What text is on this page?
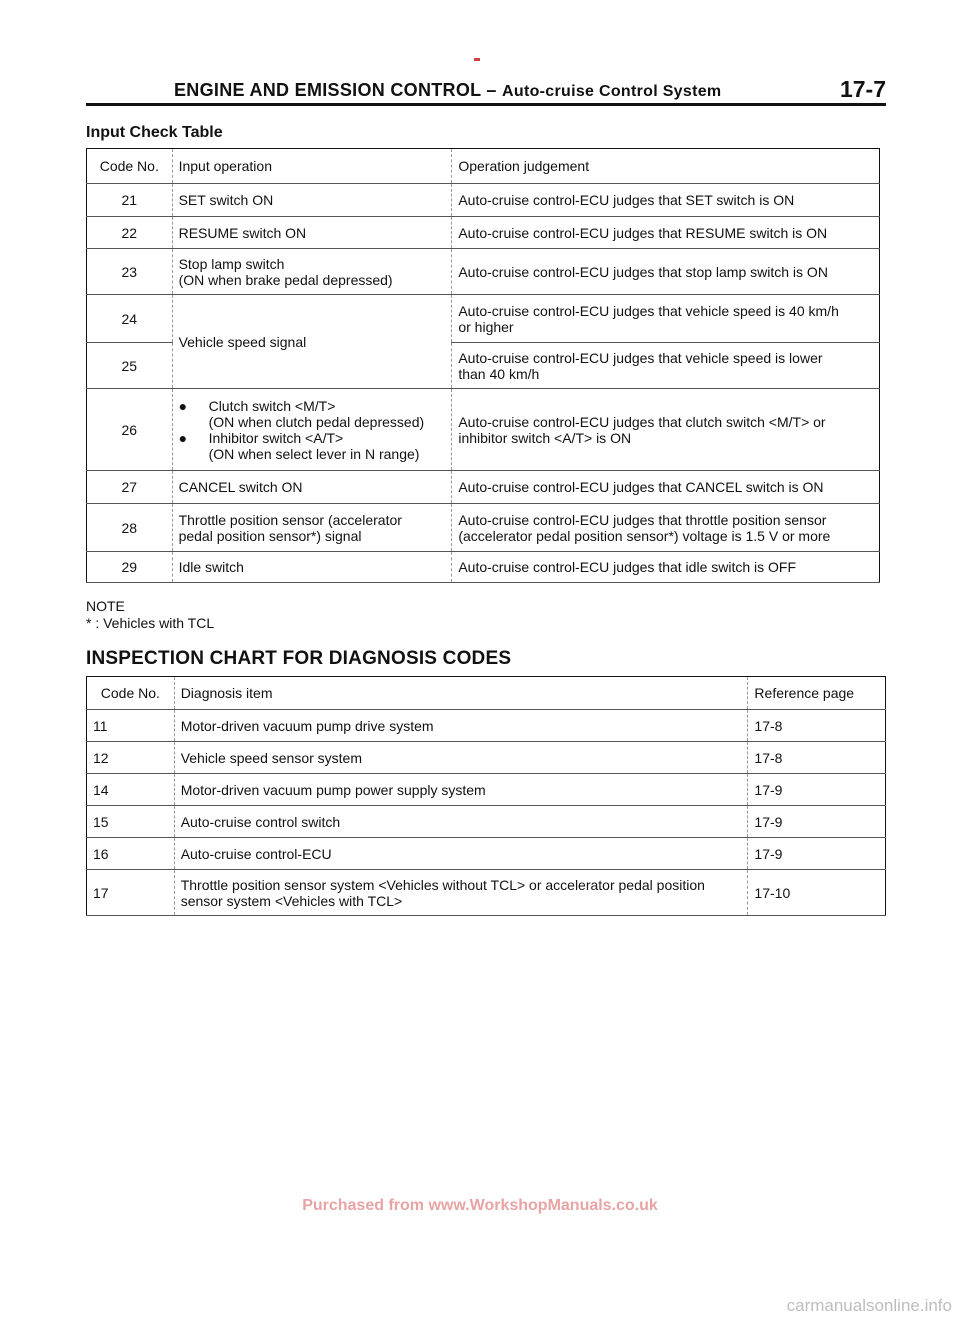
ENGINE AND EMISSION CONTROL – Auto-cruise Control System	17-7
Input Check Table
Code No.	Input operation	Operation judgement
21	SET switch ON	Auto-cruise control-ECU judges that SET switch is ON

22	RESUME switch ON	Auto-cruise control-ECU judges that RESUME switch is ON

23	Stop lamp switch
(ON when brake pedal depressed)	Auto-cruise control-ECU judges that stop lamp switch is ON

24	Vehicle speed signal	Auto-cruise control-ECU judges that vehicle speed is 40 km/h
or higher

25		Auto-cruise control-ECU judges that vehicle speed is lower
than 40 km/h

26	● Clutch switch <M/T>
(ON when clutch pedal depressed)
● Inhibitor switch <A/T>
(ON when select lever in N range)	Auto-cruise control-ECU judges that clutch switch <M/T> or
inhibitor switch <A/T> is ON

27	CANCEL switch ON	Auto-cruise control-ECU judges that CANCEL switch is ON

28	Throttle position sensor (accelerator
pedal position sensor*) signal	Auto-cruise control-ECU judges that throttle position sensor
(accelerator pedal position sensor*) voltage is 1.5 V or more

29	Idle switch	Auto-cruise control-ECU judges that idle switch is OFF
NOTE
* : Vehicles with TCL
INSPECTION CHART FOR DIAGNOSIS CODES
Code No.	Diagnosis item	Reference page
11	Motor-driven vacuum pump drive system	17-8
12	Vehicle speed sensor system	17-8
14	Motor-driven vacuum pump power supply system	17-9
15	Auto-cruise control switch	17-9
16	Auto-cruise control-ECU	17-9
17	Throttle position sensor system <Vehicles without TCL> or accelerator pedal position
sensor system <Vehicles with TCL>	17-10
Purchased from www.WorkshopManuals.co.uk
carmanualsonline.info
